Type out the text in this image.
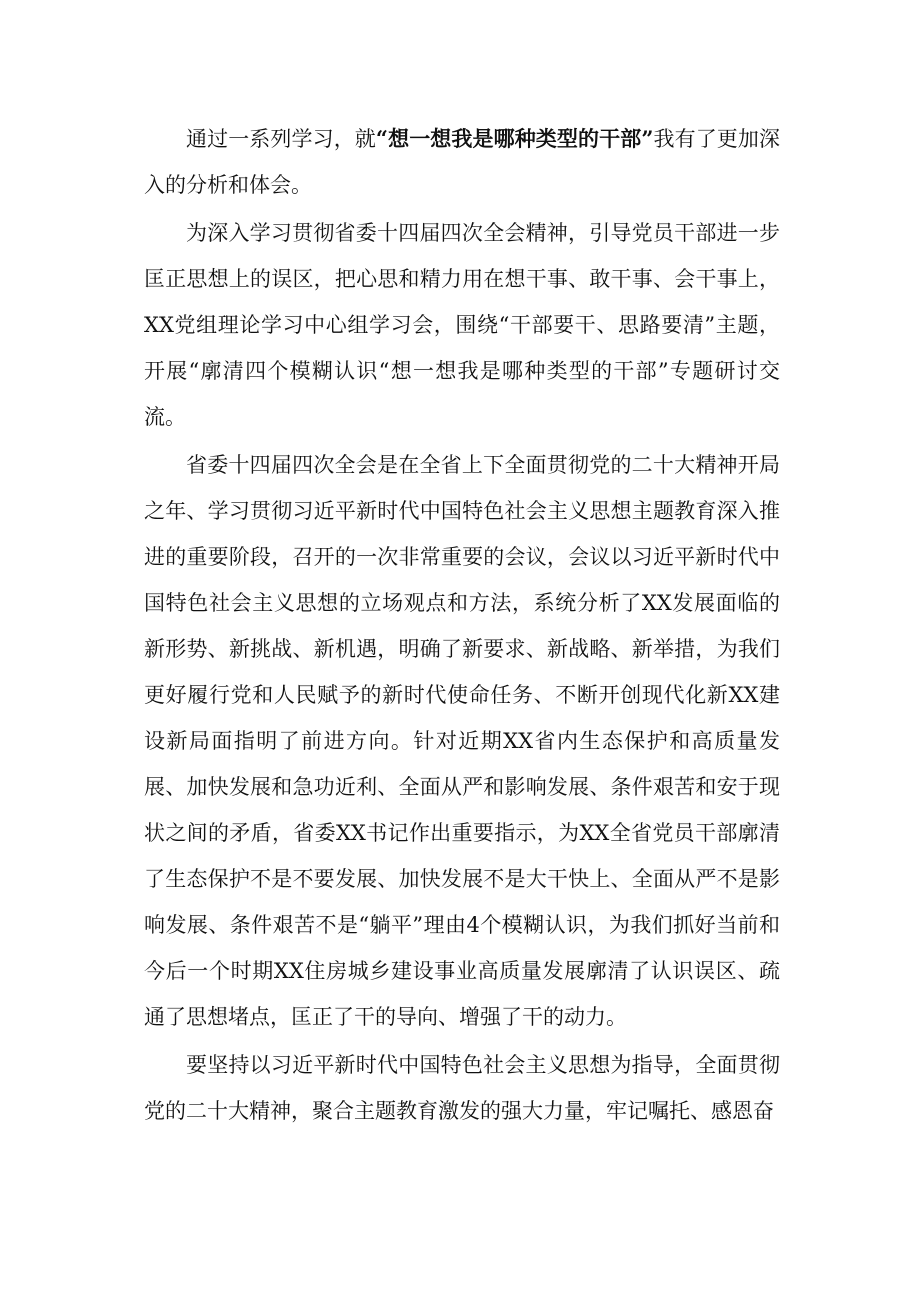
通过一系列学习，就“想一想我是哪种类型的干部”我有了更加深入的分析和体会。

为深入学习贯彻省委十四届四次全会精神，引导党员干部进一步匡正思想上的误区，把心思和精力用在想干事、敢干事、会干事上，XX党组理论学习中心组学习会，围绕“干部要干、思路要清”主题，开展“廓清四个模糊认识“想一想我是哪种类型的干部”专题研讨交流。

省委十四届四次全会是在全省上下全面贯彻党的二十大精神开局之年、学习贯彻习近平新时代中国特色社会主义思想主题教育深入推进的重要阶段，召开的一次非常重要的会议，会议以习近平新时代中国特色社会主义思想的立场观点和方法，系统分析了XX发展面临的新形势、新挑战、新机遇，明确了新要求、新战略、新举措，为我们更好履行党和人民赋予的新时代使命任务、不断开创现代化新XX建设新局面指明了前进方向。针对近期XX省内生态保护和高质量发展、加快发展和急功近利、全面从严和影响发展、条件艰苦和安于现状之间的矛盾，省委XX书记作出重要指示，为XX全省党员干部廓清了生态保护不是不要发展、加快发展不是大干快上、全面从严不是影响发展、条件艰苦不是“躺平”理由4个模糊认识，为我们抓好当前和今后一个时期XX住房城乡建设事业高质量发展廓清了认识误区、疏通了思想堵点，匡正了干的导向、增强了干的动力。

要坚持以习近平新时代中国特色社会主义思想为指导，全面贯彻党的二十大精神，聚合主题教育激发的强大力量，牢记嘱托、感恩奋
